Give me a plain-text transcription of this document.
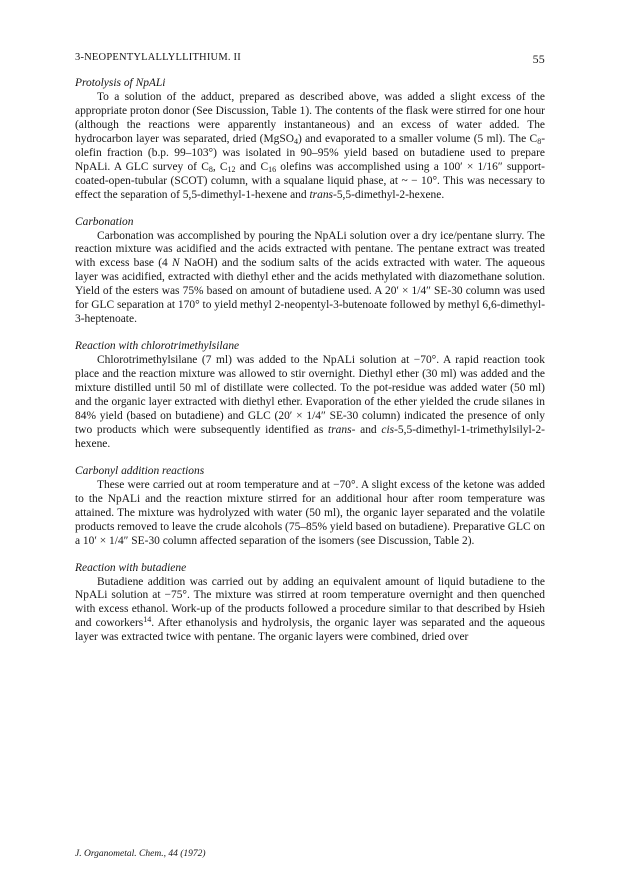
3-NEOPENTYLALLYLLITHIUM. II	55

Protolysis of NpALi

To a solution of the adduct, prepared as described above, was added a slight excess of the appropriate proton donor (See Discussion, Table 1). The contents of the flask were stirred for one hour (although the reactions were apparently instantaneous) and an excess of water added. The hydrocarbon layer was separated, dried (MgSO$_4$) and evaporated to a smaller volume (5 ml). The $C_8$-olefin fraction (b.p. 99–103°) was isolated in 90–95% yield based on butadiene used to prepare NpALi. A GLC survey of $C_8$, $C_{12}$ and $C_{16}$ olefins was accomplished using a 100′ × 1/16″ support-coated-open-tubular (SCOT) column, with a squalane liquid phase, at ~ − 10°. This was necessary to effect the separation of 5,5-dimethyl-1-hexene and trans-5,5-dimethyl-2-hexene.

Carbonation

Carbonation was accomplished by pouring the NpALi solution over a dry ice/pentane slurry. The reaction mixture was acidified and the acids extracted with pentane. The pentane extract was treated with excess base (4 N NaOH) and the sodium salts of the acids extracted with water. The aqueous layer was acidified, extracted with diethyl ether and the acids methylated with diazomethane solution. Yield of the esters was 75% based on amount of butadiene used. A 20′ × 1/4″ SE-30 column was used for GLC separation at 170° to yield methyl 2-neopentyl-3-butenoate followed by methyl 6,6-dimethyl-3-heptenoate.

Reaction with chlorotrimethylsilane

Chlorotrimethylsilane (7 ml) was added to the NpALi solution at −70°. A rapid reaction took place and the reaction mixture was allowed to stir overnight. Diethyl ether (30 ml) was added and the mixture distilled until 50 ml of distillate were collected. To the pot-residue was added water (50 ml) and the organic layer extracted with diethyl ether. Evaporation of the ether yielded the crude silanes in 84% yield (based on butadiene) and GLC (20′ × 1/4″ SE-30 column) indicated the presence of only two products which were subsequently identified as trans- and cis-5,5-dimethyl-1-trimethylsilyl-2-hexene.

Carbonyl addition reactions

These were carried out at room temperature and at −70°. A slight excess of the ketone was added to the NpALi and the reaction mixture stirred for an additional hour after room temperature was attained. The mixture was hydrolyzed with water (50 ml), the organic layer separated and the volatile products removed to leave the crude alcohols (75–85% yield based on butadiene). Preparative GLC on a 10′ × 1/4″ SE-30 column affected separation of the isomers (see Discussion, Table 2).

Reaction with butadiene

Butadiene addition was carried out by adding an equivalent amount of liquid butadiene to the NpALi solution at −75°. The mixture was stirred at room temperature overnight and then quenched with excess ethanol. Work-up of the products followed a procedure similar to that described by Hsieh and coworkers$^{14}$. After ethanolysis and hydrolysis, the organic layer was separated and the aqueous layer was extracted twice with pentane. The organic layers were combined, dried over

J. Organometal. Chem., 44 (1972)
